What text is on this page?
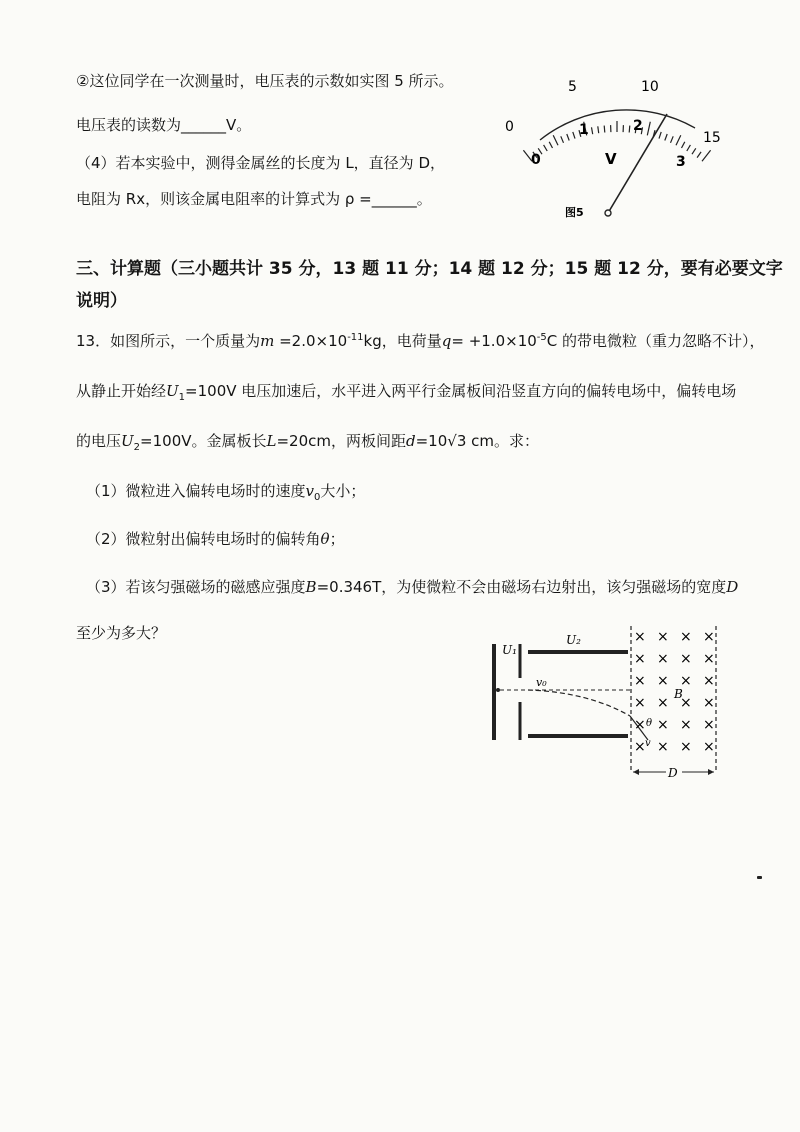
②这位同学在一次测量时，电压表的示数如实图 5 所示。
电压表的读数为______V。
（4）若本实验中，测得金属丝的长度为 L，直径为 D，
电阻为 Rx，则该金属电阻率的计算式为 ρ =______。
0
5	10
15
0
1	2
3
V
图5
三、计算题（三小题共计 35 分，13 题 11 分；14 题 12 分；15 题 12 分，要有必要文字
说明）
13．如图所示，一个质量为$m =2.0\times 10^{-11}kg$，电荷量$q= +1.0\times 10^{-5}C$ 的带电微粒（重力忽略不计），
从静止开始经$U_1=100V$ 电压加速后，水平进入两平行金属板间沿竖直方向的偏转电场中，偏转电场
的电压$U_2=100V$。金属板长L=20cm，两板间距d=10√3 cm。求：
（1）微粒进入偏转电场时的速度$v_0$大小；
（2）微粒射出偏转电场时的偏转角θ；
（3）若该匀强磁场的磁感应强度B=0.346T，为使微粒不会由磁场右边射出，该匀强磁场的宽度D
至少为多大？	× × × ×
× × × ×
× × × ×
× × × ×
× × × ×
× × × ×
U₁
U₂
v₀
B
θ
v
D
